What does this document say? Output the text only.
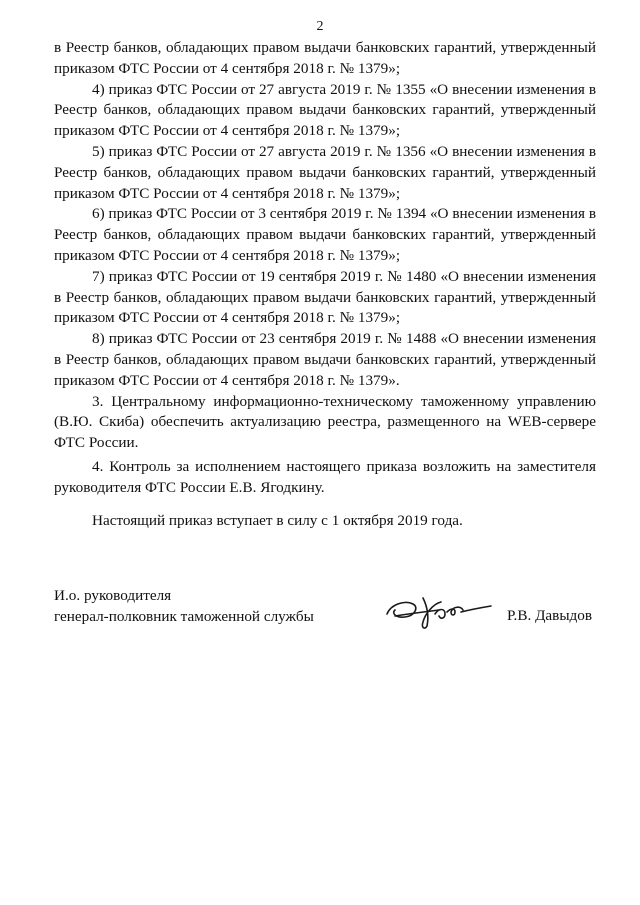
2

в Реестр банков, обладающих правом выдачи банковских гарантий, утвержденный приказом ФТС России от 4 сентября 2018 г. № 1379»;

4) приказ ФТС России от 27 августа 2019 г. № 1355 «О внесении изменения в Реестр банков, обладающих правом выдачи банковских гарантий, утвержденный приказом ФТС России от 4 сентября 2018 г. № 1379»;

5) приказ ФТС России от 27 августа 2019 г. № 1356 «О внесении изменения в Реестр банков, обладающих правом выдачи банковских гарантий, утвержденный приказом ФТС России от 4 сентября 2018 г. № 1379»;

6) приказ ФТС России от 3 сентября 2019 г. № 1394 «О внесении изменения в Реестр банков, обладающих правом выдачи банковских гарантий, утвержденный приказом ФТС России от 4 сентября 2018 г. № 1379»;

7) приказ ФТС России от 19 сентября 2019 г. № 1480 «О внесении изменения в Реестр банков, обладающих правом выдачи банковских гарантий, утвержденный приказом ФТС России от 4 сентября 2018 г. № 1379»;

8) приказ ФТС России от 23 сентября 2019 г. № 1488 «О внесении изменения в Реестр банков, обладающих правом выдачи банковских гарантий, утвержденный приказом ФТС России от 4 сентября 2018 г. № 1379».

3. Центральному информационно-техническому таможенному управлению (В.Ю. Скиба) обеспечить актуализацию реестра, размещенного на WEB-сервере ФТС России.

4. Контроль за исполнением настоящего приказа возложить на заместителя руководителя ФТС России Е.В. Ягодкину.

Настоящий приказ вступает в силу с 1 октября 2019 года.
И.о. руководителя
генерал-полковник таможенной службы	Р.В. Давыдов
